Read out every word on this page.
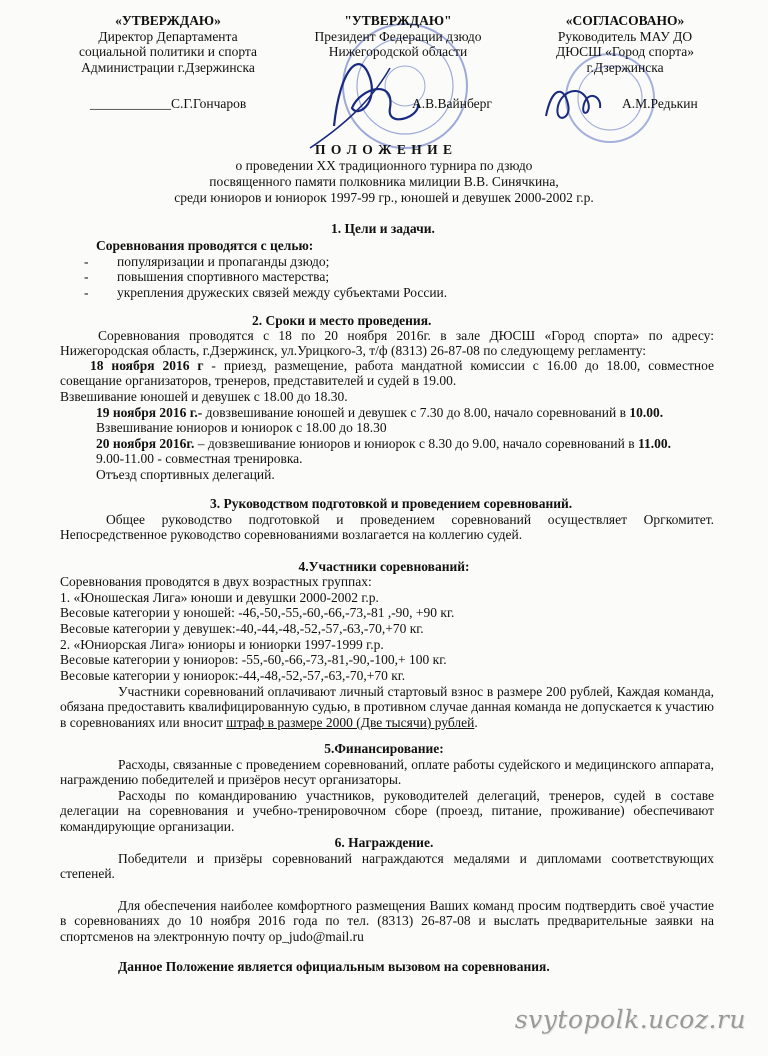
«УТВЕРЖДАЮ»
Директор Департамента
социальной политики и спорта
Администрации г.Дзержинска
____________С.Г.Гончаров
"УТВЕРЖДАЮ"
Президент Федерации дзюдо
Нижегородской области
А.В.Вайнберг
«СОГЛАСОВАНО»
Руководитель МАУ ДО
ДЮСШ «Город спорта»
г.Дзержинска
А.М.Редькин
П О Л О Ж Е Н И Е
о проведении XX традиционного турнира по дзюдо
посвященного памяти полковника милиции В.В. Синячкина,
среди юниоров и юниорок 1997-99 гр., юношей и девушек 2000-2002 г.р.
1. Цели и задачи.
Соревнования проводятся с целью:
- популяризации и пропаганды дзюдо;
- повышения спортивного мастерства;
- укрепления дружеских связей между субъектами России.
2. Сроки и место проведения.
Соревнования проводятся с 18 по 20 ноября 2016г. в зале ДЮСШ «Город спорта» по адресу: Нижегородская область, г.Дзержинск, ул.Урицкого-3, т/ф (8313) 26-87-08 по следующему регламенту:
18 ноября 2016 г - приезд, размещение, работа мандатной комиссии с 16.00 до 18.00, совместное совещание организаторов, тренеров, представителей и судей в 19.00.
Взвешивание юношей и девушек с 18.00 до 18.30.
19 ноября 2016 г.- довзвешивание юношей и девушек с 7.30 до 8.00, начало соревнований в 10.00.
Взвешивание юниоров и юниорок с 18.00 до 18.30
20 ноября 2016г. – довзвешивание юниоров и юниорок с 8.30 до 9.00, начало соревнований в 11.00.
9.00-11.00 - совместная тренировка.
Отъезд спортивных делегаций.
3. Руководством подготовкой и проведением соревнований.
Общее руководство подготовкой и проведением соревнований осуществляет Оргкомитет. Непосредственное руководство соревнованиями возлагается на коллегию судей.
4.Участники соревнований:
Соревнования проводятся в двух возрастных группах:
1. «Юношеская Лига» юноши и девушки 2000-2002 г.р.
Весовые категории у юношей: -46,-50,-55,-60,-66,-73,-81 ,-90, +90 кг.
Весовые категории у девушек:-40,-44,-48,-52,-57,-63,-70,+70 кг.
2. «Юниорская Лига» юниоры и юниорки 1997-1999 г.р.
Весовые категории у юниоров: -55,-60,-66,-73,-81,-90,-100,+ 100 кг.
Весовые категории у юниорок:-44,-48,-52,-57,-63,-70,+70 кг.
Участники соревнований оплачивают личный стартовый взнос в размере 200 рублей, Каждая команда, обязана предоставить квалифицированную судью, в противном случае данная команда не допускается к участию в соревнованиях или вносит штраф в размере 2000 (Две тысячи) рублей.
5.Финансирование:
Расходы, связанные с проведением соревнований, оплате работы судейского и медицинского аппарата, награждению победителей и призёров несут организаторы.
Расходы по командированию участников, руководителей делегаций, тренеров, судей в составе делегации на соревнования и учебно-тренировочном сборе (проезд, питание, проживание) обеспечивают командирующие организации.
6. Награждение.
Победители и призёры соревнований награждаются медалями и дипломами соответствующих степеней.
Для обеспечения наиболее комфортного размещения Ваших команд просим подтвердить своё участие в соревнованиях до 10 ноября 2016 года по тел. (8313) 26-87-08 и выслать предварительные заявки на спортсменов на электронную почту op_judo@mail.ru
Данное Положение является официальным вызовом на соревнования.
svytopolk.ucoz.ru
